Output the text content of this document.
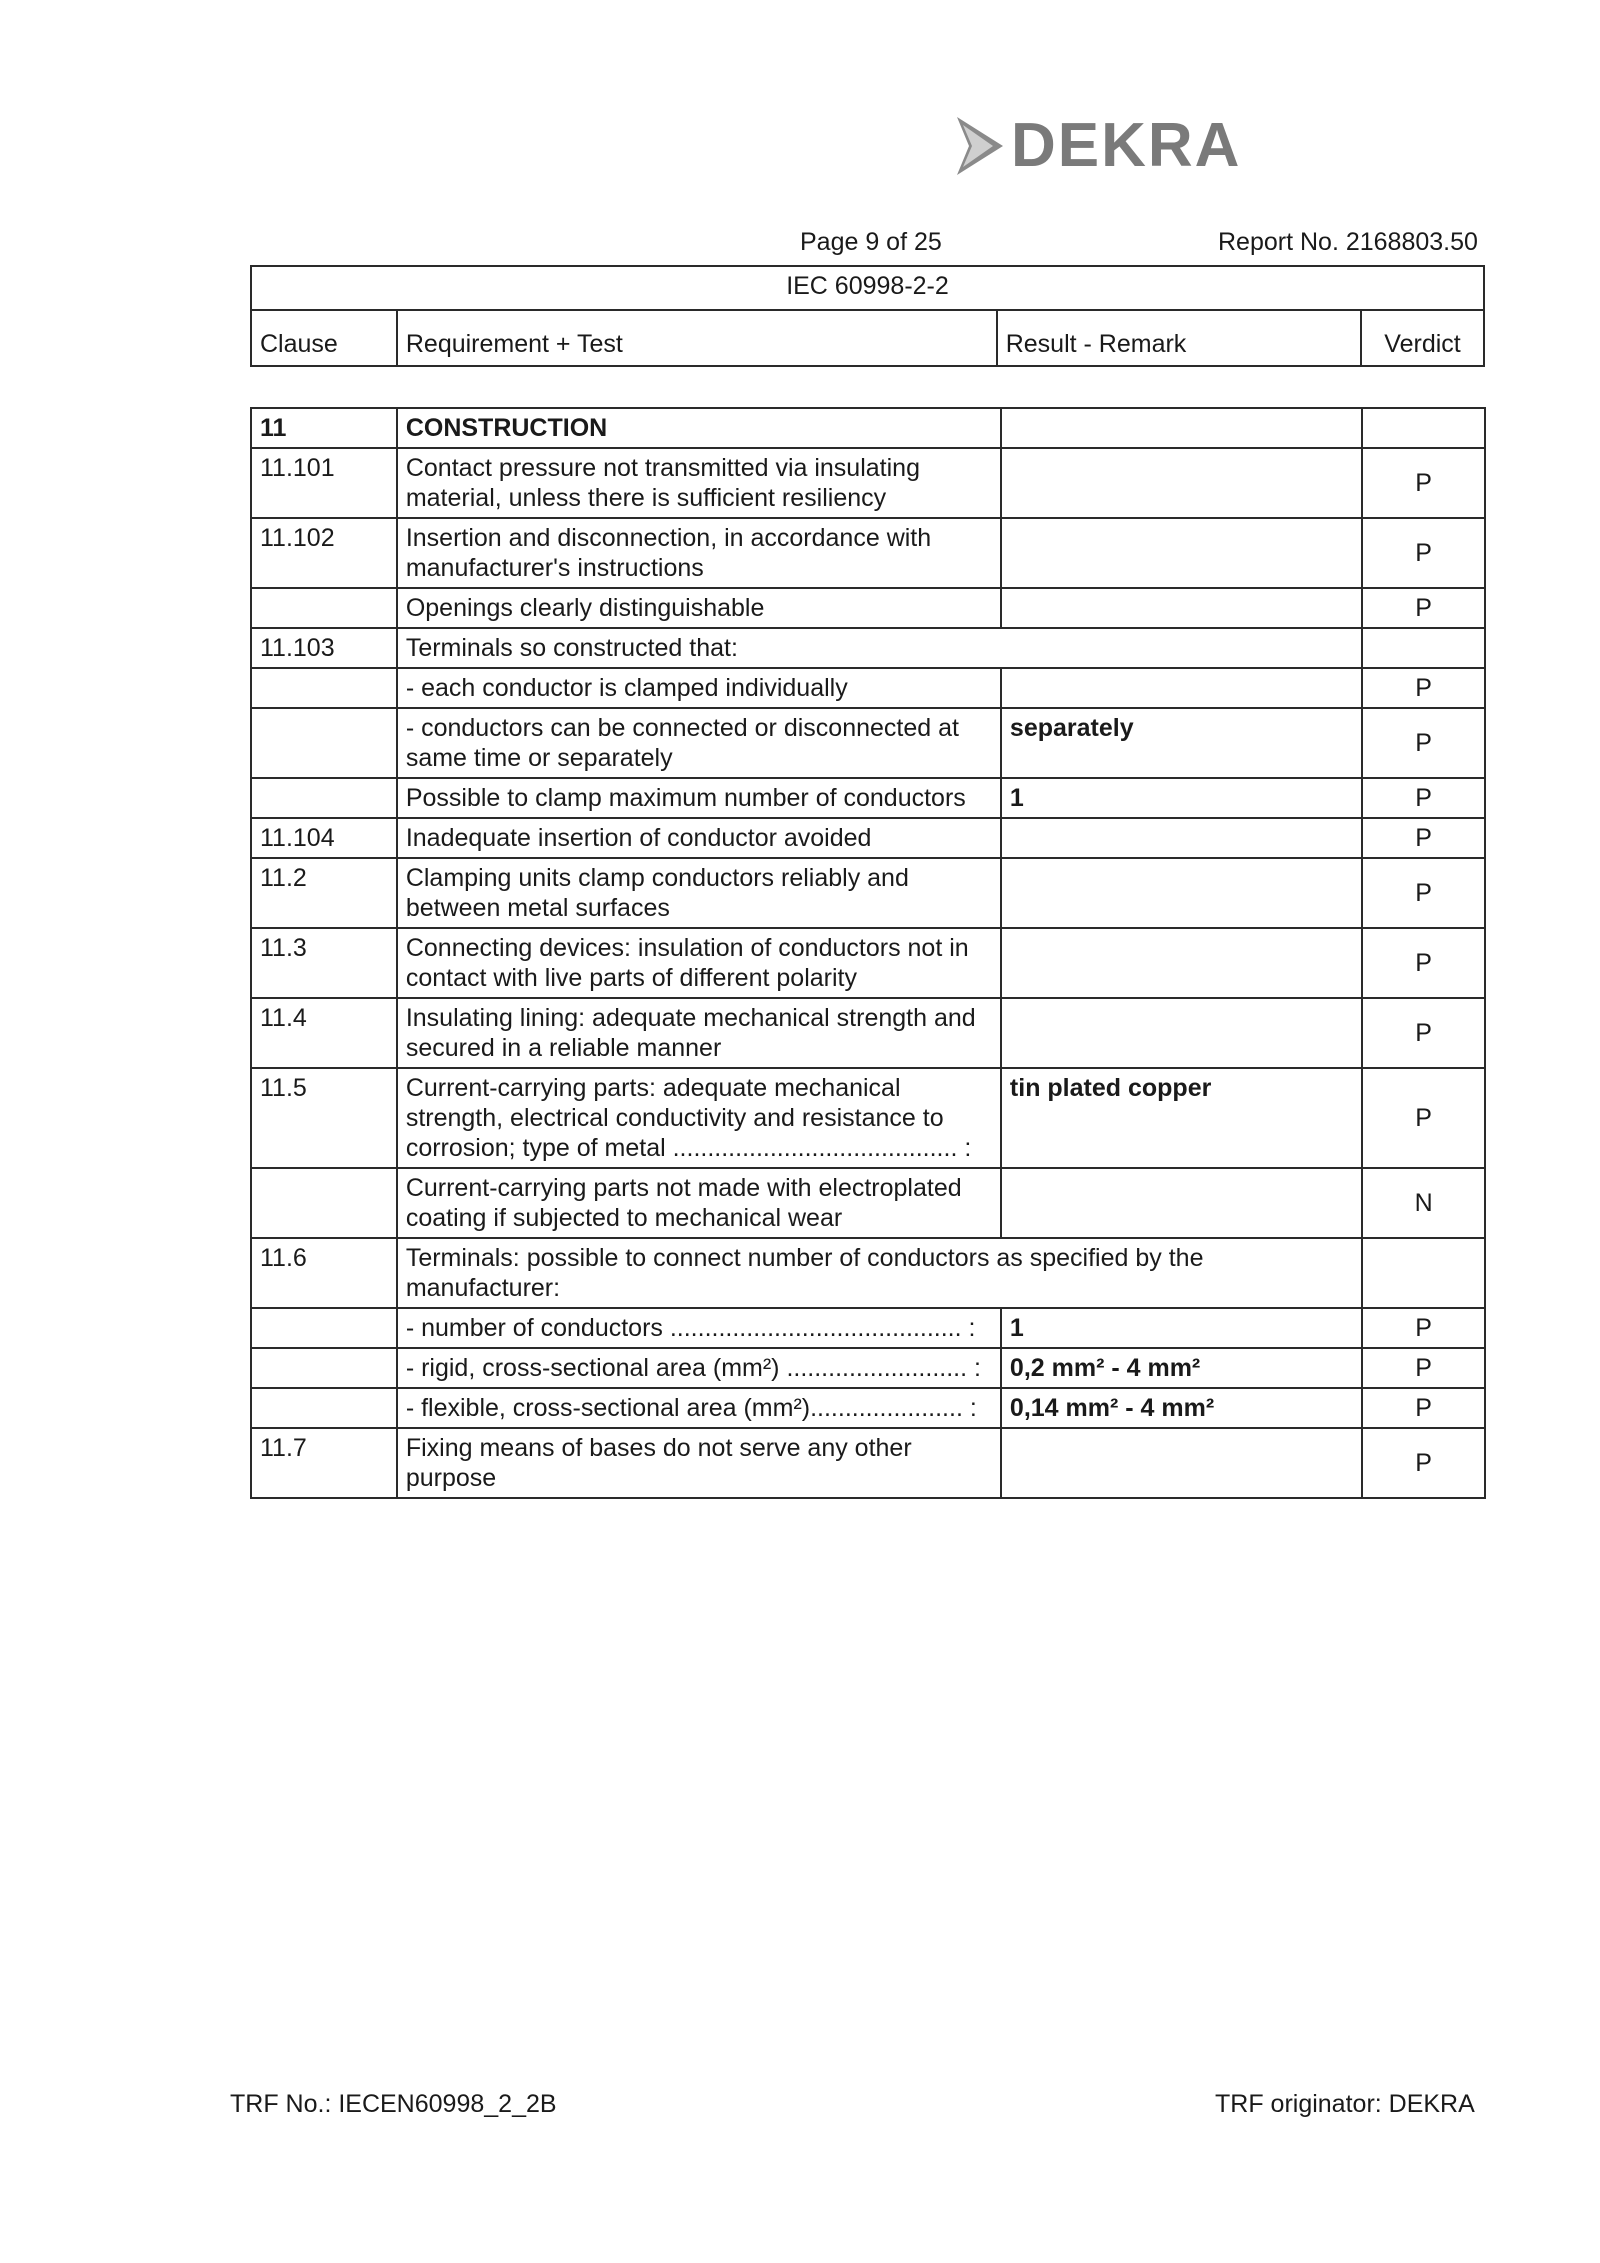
DEKRA
Page 9 of 25	Report No. 2168803.50
IEC 60998-2-2
Clause	Requirement + Test	Result - Remark	Verdict
11	CONSTRUCTION		
11.101	Contact pressure not transmitted via insulating material, unless there is sufficient resiliency		P
11.102	Insertion and disconnection, in accordance with manufacturer's instructions		P
	Openings clearly distinguishable		P
11.103	Terminals so constructed that:		
	- each conductor is clamped individually		P
	- conductors can be connected or disconnected at same time or separately	separately	P
	Possible to clamp maximum number of conductors	1	P
11.104	Inadequate insertion of conductor avoided		P
11.2	Clamping units clamp conductors reliably and between metal surfaces		P
11.3	Connecting devices: insulation of conductors not in contact with live parts of different polarity		P
11.4	Insulating lining: adequate mechanical strength and secured in a reliable manner		P
11.5	Current-carrying parts: adequate mechanical strength, electrical conductivity and resistance to corrosion; type of metal ......................................... :	tin plated copper	P
	Current-carrying parts not made with electroplated coating if subjected to mechanical wear		N
11.6	Terminals: possible to connect number of conductors as specified by the manufacturer:		
	- number of conductors .......................................... :	1	P
	- rigid, cross-sectional area (mm²) .......................... :	0,2 mm² - 4 mm²	P
	- flexible, cross-sectional area (mm²)...................... :	0,14 mm² - 4 mm²	P
11.7	Fixing means of bases do not serve any other purpose		P
TRF No.: IECEN60998_2_2B	TRF originator: DEKRA
